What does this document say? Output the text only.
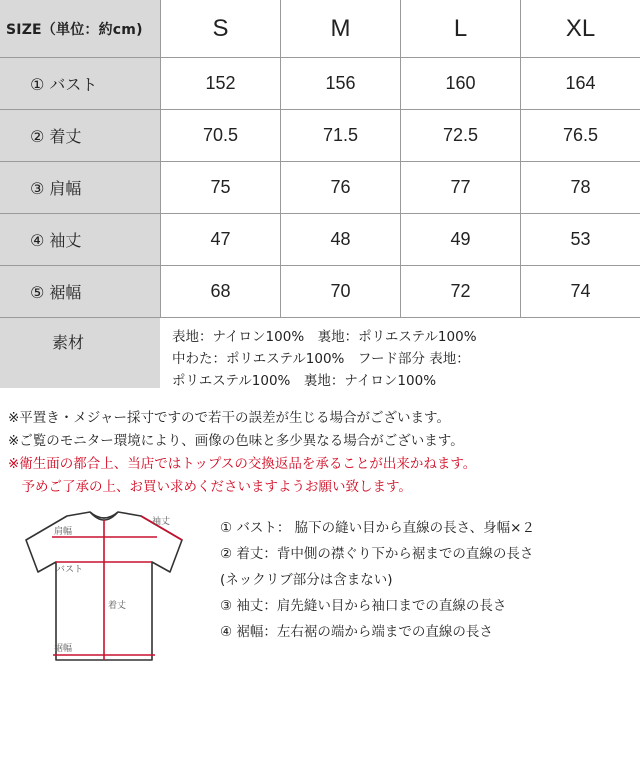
SIZE（単位：約cm)	S	M	L	XL
① バスト	152	156	160	164
② 着丈	70.5	71.5	72.5	76.5
③ 肩幅	75	76	77	78
④ 袖丈	47	48	49	53
⑤ 裾幅	68	70	72	74
素材	表地：ナイロン100%　裏地：ポリエステル100%
中わた：ポリエステル100%　フード部分 表地：
ポリエステル100%　裏地：ナイロン100%
※平置き・メジャー採寸ですので若干の誤差が生じる場合がございます。
※ご覧のモニター環境により、画像の色味と多少異なる場合がございます。
※衛生面の都合上、当店ではトップスの交換返品を承ることが出来かねます。
　予めご了承の上、お買い求めくださいますようお願い致します。
肩幅
バスト
着丈
裾幅
袖丈	① バスト： 脇下の縫い目から直線の長さ、身幅×２
② 着丈：背中側の襟ぐり下から裾までの直線の長さ
(ネックリブ部分は含まない)
③ 袖丈：肩先縫い目から袖口までの直線の長さ
④ 裾幅：左右裾の端から端までの直線の長さ
